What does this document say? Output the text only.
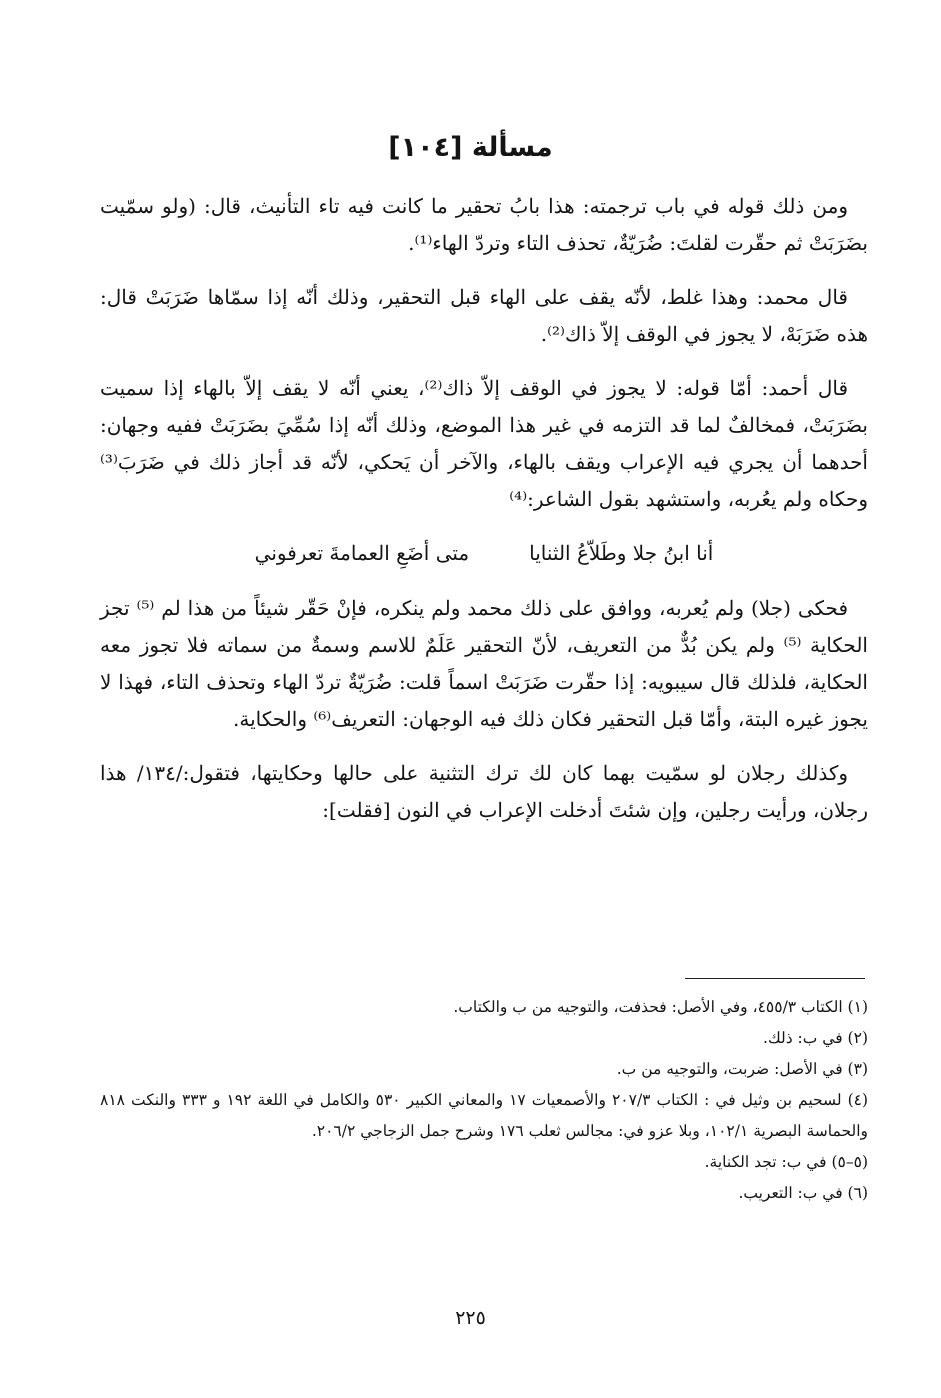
مسألة [١٠٤]

ومن ذلك قوله في باب ترجمته: هذا بابُ تحقير ما كانت فيه تاء التأنيث، قال: (ولو سمّيت بضَرَبَتْ ثم حقّرت لقلتَ: ضُرَيّةٌ، تحذف التاء وتردّ الهاء⁽¹⁾.

قال محمد: وهذا غلط، لأنّه يقف على الهاء قبل التحقير، وذلك أنّه إذا سمّاها ضَرَبَتْ قال: هذه ضَرَبَهْ، لا يجوز في الوقف إلاّ ذاك⁽²⁾.

قال أحمد: أمّا قوله: لا يجوز في الوقف إلاّ ذاك⁽²⁾، يعني أنّه لا يقف إلاّ بالهاء إذا سميت بضَرَبَتْ، فمخالفٌ لما قد التزمه في غير هذا الموضع، وذلك أنّه إذا سُمِّيَ بضَرَبَتْ ففيه وجهان: أحدهما أن يجري فيه الإعراب ويقف بالهاء، والآخر أن يَحكي، لأنّه قد أجاز ذلك في ضَرَبَ⁽³⁾ وحكاه ولم يعُربه، واستشهد بقول الشاعر:⁽⁴⁾

أنا ابنُ جلا وطَلاّعُ الثنايا
متى أضَعِ العمامةَ تعرفوني

فحكى (جلا) ولم يُعربه، ووافق على ذلك محمد ولم ينكره، فإنْ حَقّر شيئاً من هذا لم ⁽⁵⁾ تجز الحكاية ⁽⁵⁾ ولم يكن بُدٌّ من التعريف، لأنّ التحقير عَلَمٌ للاسم وسمةٌ من سماته فلا تجوز معه الحكاية، فلذلك قال سيبويه: إذا حقّرت ضَرَبَتْ اسماً قلت: ضُرَيّةٌ تردّ الهاء وتحذف التاء، فهذا لا يجوز غيره البتة، وأمّا قبل التحقير فكان ذلك فيه الوجهان: التعريف⁽⁶⁾ والحكاية.

وكذلك رجلان لو سمّيت بهما كان لك ترك التثنية على حالها وحكايتها، فتقول:/١٣٤/ هذا رجلان، ورأيت رجلين، وإن شئتَ أدخلت الإعراب في النون [فقلت]:

(١) الكتاب ٤٥٥/٣، وفي الأصل: فحذفت، والتوجيه من ب والكتاب.

(٢) في ب: ذلك.

(٣) في الأصل: ضربت، والتوجيه من ب.

(٤) لسحيم بن وثيل في : الكتاب ٢٠٧/٣ والأصمعيات ١٧ والمعاني الكبير ٥٣٠ والكامل في اللغة ١٩٢ و ٣٣٣ والنكت ٨١٨ والحماسة البصرية ١٠٢/١، وبلا عزو في: مجالس ثعلب ١٧٦ وشرح جمل الزجاجي ٢٠٦/٢.

(٥–٥) في ب: تجد الكناية.

(٦) في ب: التعريب.

٢٢٥
